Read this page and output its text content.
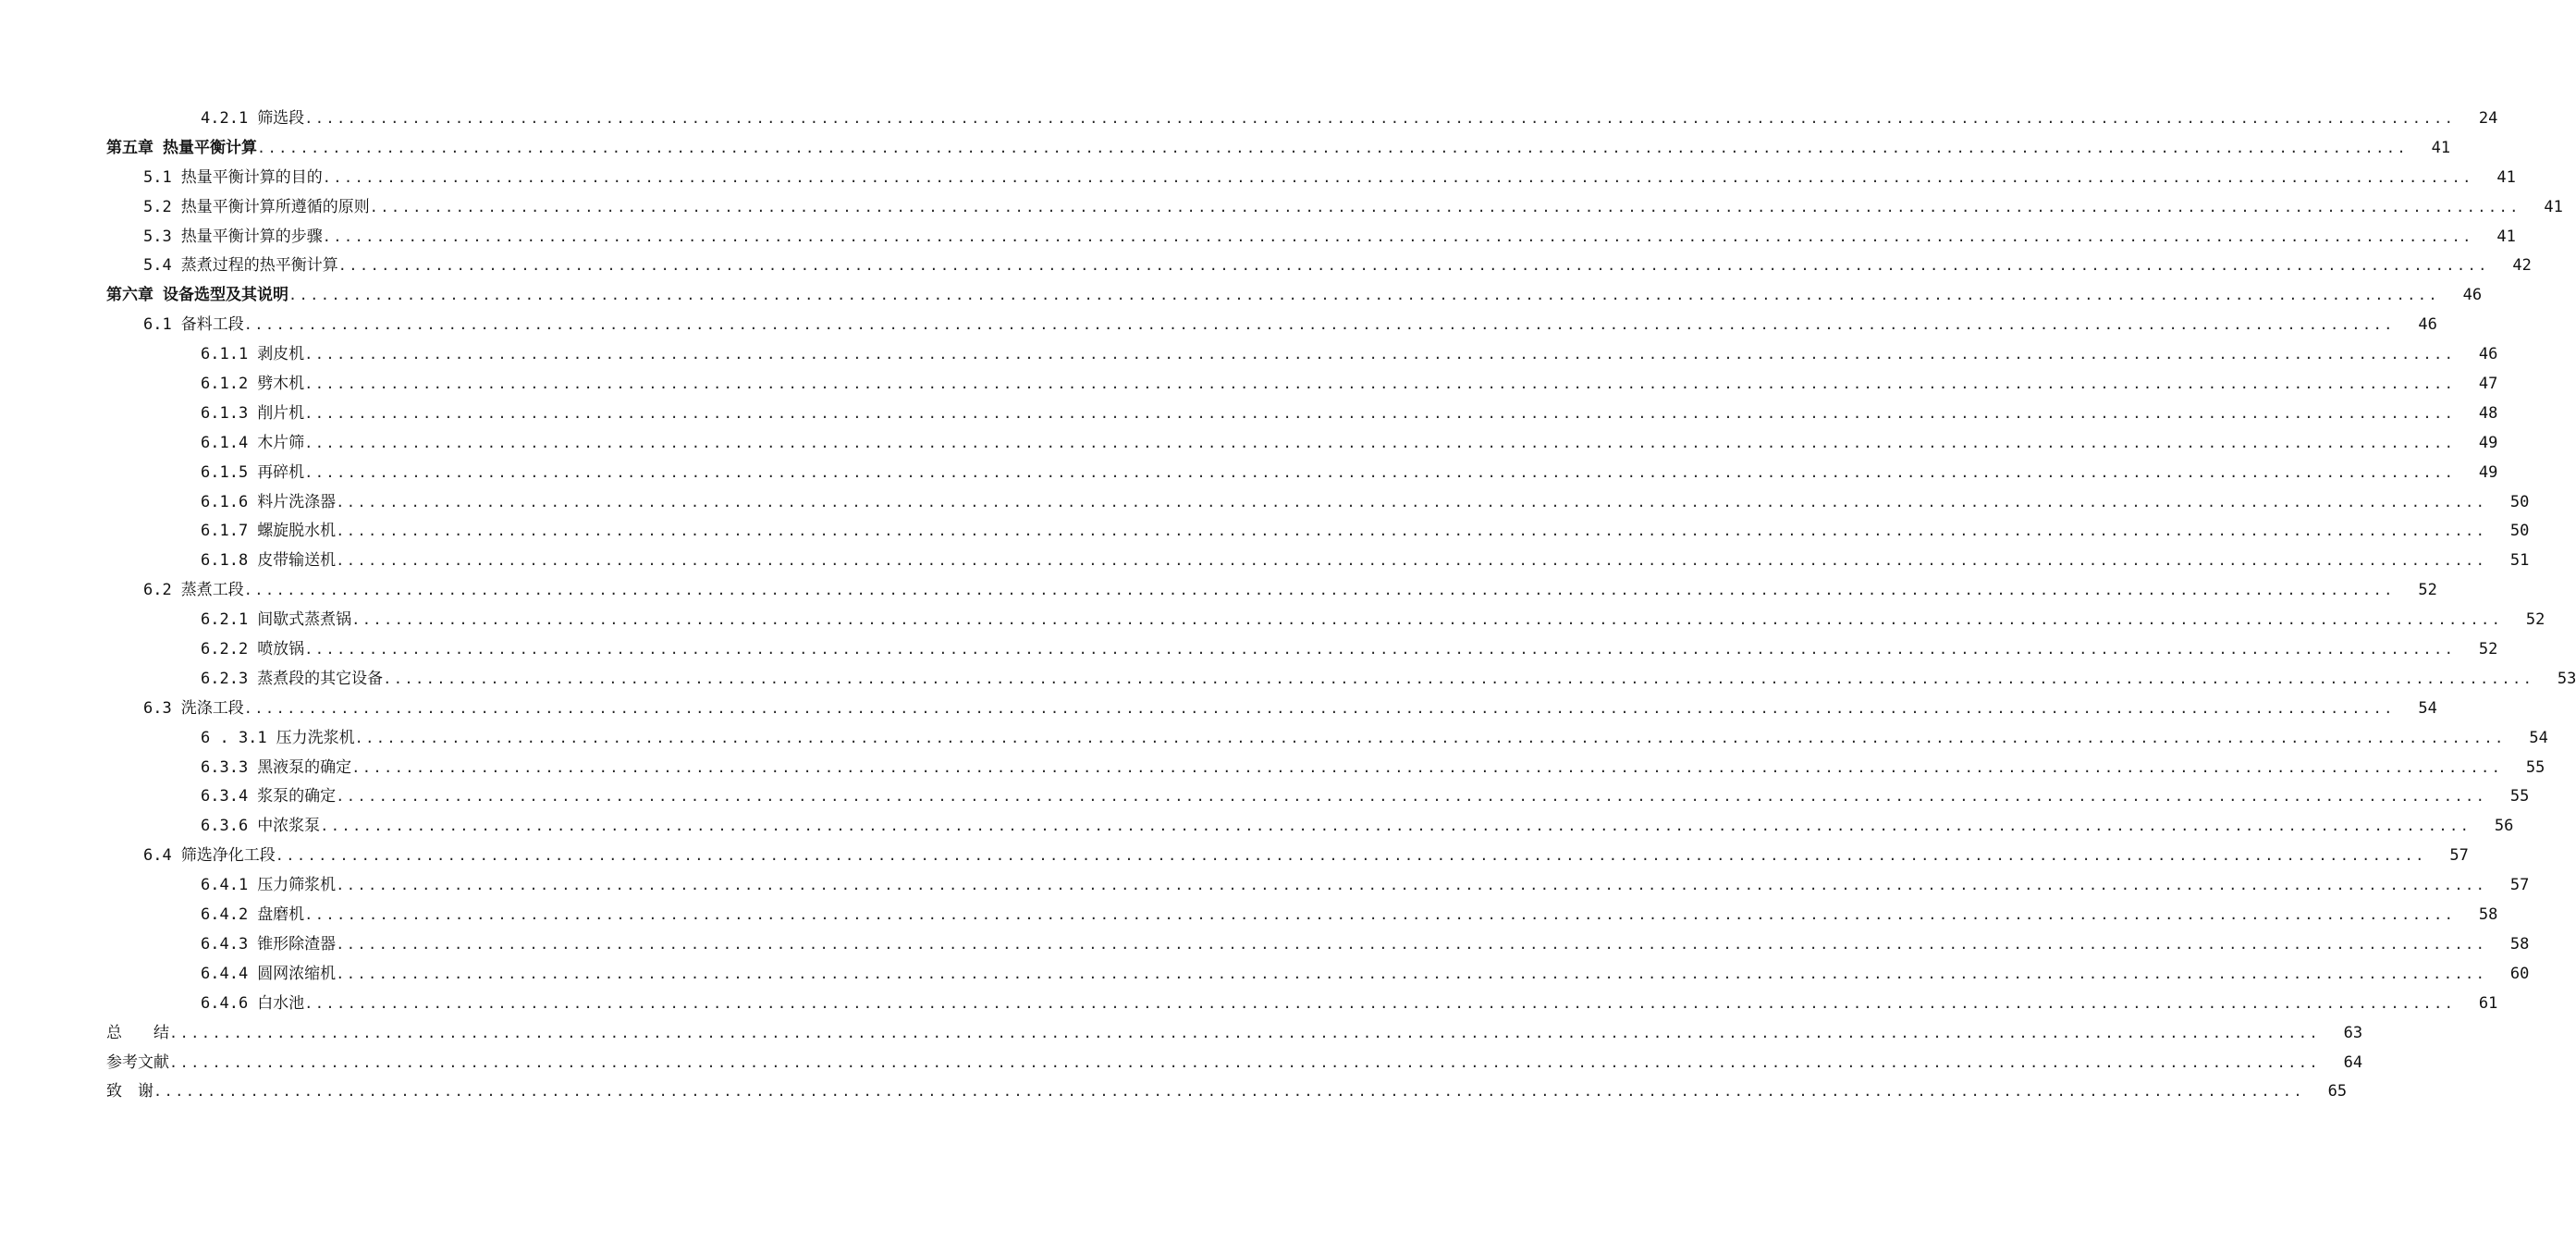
4.2.1 筛选段 ........................................................................................................................................................................................................ 24
第五章 热量平衡计算 ........................................................................................................................................................................................................ 41
5.1 热量平衡计算的目的 ........................................................................................................................................................................................................ 41
5.2 热量平衡计算所遵循的原则 ........................................................................................................................................................................................................ 41
5.3 热量平衡计算的步骤 ........................................................................................................................................................................................................ 41
5.4 蒸煮过程的热平衡计算 ........................................................................................................................................................................................................ 42
第六章 设备选型及其说明 ........................................................................................................................................................................................................ 46
6.1 备料工段 ........................................................................................................................................................................................................ 46
6.1.1 剥皮机 ........................................................................................................................................................................................................ 46
6.1.2 劈木机 ........................................................................................................................................................................................................ 47
6.1.3 削片机 ........................................................................................................................................................................................................ 48
6.1.4 木片筛 ........................................................................................................................................................................................................ 49
6.1.5 再碎机 ........................................................................................................................................................................................................ 49
6.1.6 料片洗涤器 ........................................................................................................................................................................................................ 50
6.1.7 螺旋脱水机 ........................................................................................................................................................................................................ 50
6.1.8 皮带输送机 ........................................................................................................................................................................................................ 51
6.2 蒸煮工段 ........................................................................................................................................................................................................ 52
6.2.1 间歇式蒸煮锅 ........................................................................................................................................................................................................ 52
6.2.2 喷放锅 ........................................................................................................................................................................................................ 52
6.2.3 蒸煮段的其它设备 ........................................................................................................................................................................................................ 53
6.3 洗涤工段 ........................................................................................................................................................................................................ 54
6 . 3.1 压力洗浆机 ........................................................................................................................................................................................................ 54
6.3.3 黑液泵的确定 ........................................................................................................................................................................................................ 55
6.3.4 浆泵的确定 ........................................................................................................................................................................................................ 55
6.3.6 中浓浆泵 ........................................................................................................................................................................................................ 56
6.4 筛选净化工段 ........................................................................................................................................................................................................ 57
6.4.1 压力筛浆机 ........................................................................................................................................................................................................ 57
6.4.2 盘磨机 ........................................................................................................................................................................................................ 58
6.4.3 锥形除渣器 ........................................................................................................................................................................................................ 58
6.4.4 圆网浓缩机 ........................................................................................................................................................................................................ 60
6.4.6 白水池 ........................................................................................................................................................................................................ 61
总　　结 ........................................................................................................................................................................................................ 63
参考文献 ........................................................................................................................................................................................................ 64
致　谢 ........................................................................................................................................................................................................ 65
